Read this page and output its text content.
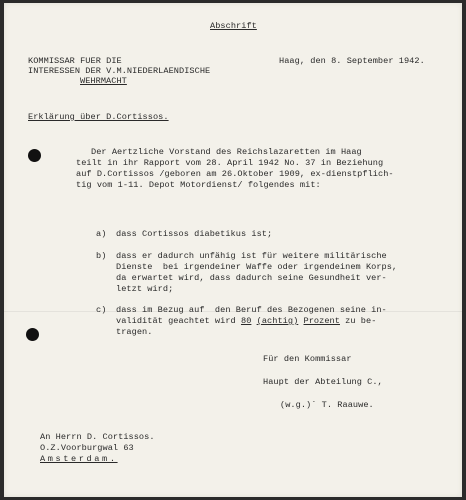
Abschrift
KOMMISSAR FUER DIE
INTERESSEN DER V.M.NIEDERLAENDISCHE
WEHRMACHT
Haag, den 8. September 1942.
Erklärung über D.Cortissos.
Der Aertzliche Vorstand des Reichslazaretten im Haag
teilt in ihr Rapport vom 28. April 1942 No. 37 in Beziehung
auf D.Cortissos /geboren am 26.Oktober 1909, ex-dienstpflich-
tig vom 1-11. Depot Motordienst/ folgendes mit:
a) dass Cortissos diabetikus ist;
b) dass er dadurch unfähig ist für weitere militärische
Dienste  bei irgendeiner Waffe oder irgendeinem Korps,
da erwartet wird, dass dadurch seine Gesundheit ver-
letzt wird;
c) dass im Bezug auf  den Beruf des Bezogenen seine in-
validität geachtet wird 80 (achtig) Prozent zu be-
tragen.
Für den Kommissar
Haupt der Abteilung C.,
(w.g.)` T. Raauwe.
An Herrn D. Cortissos.
O.Z.Voorburgwal 63
Amsterdam.
